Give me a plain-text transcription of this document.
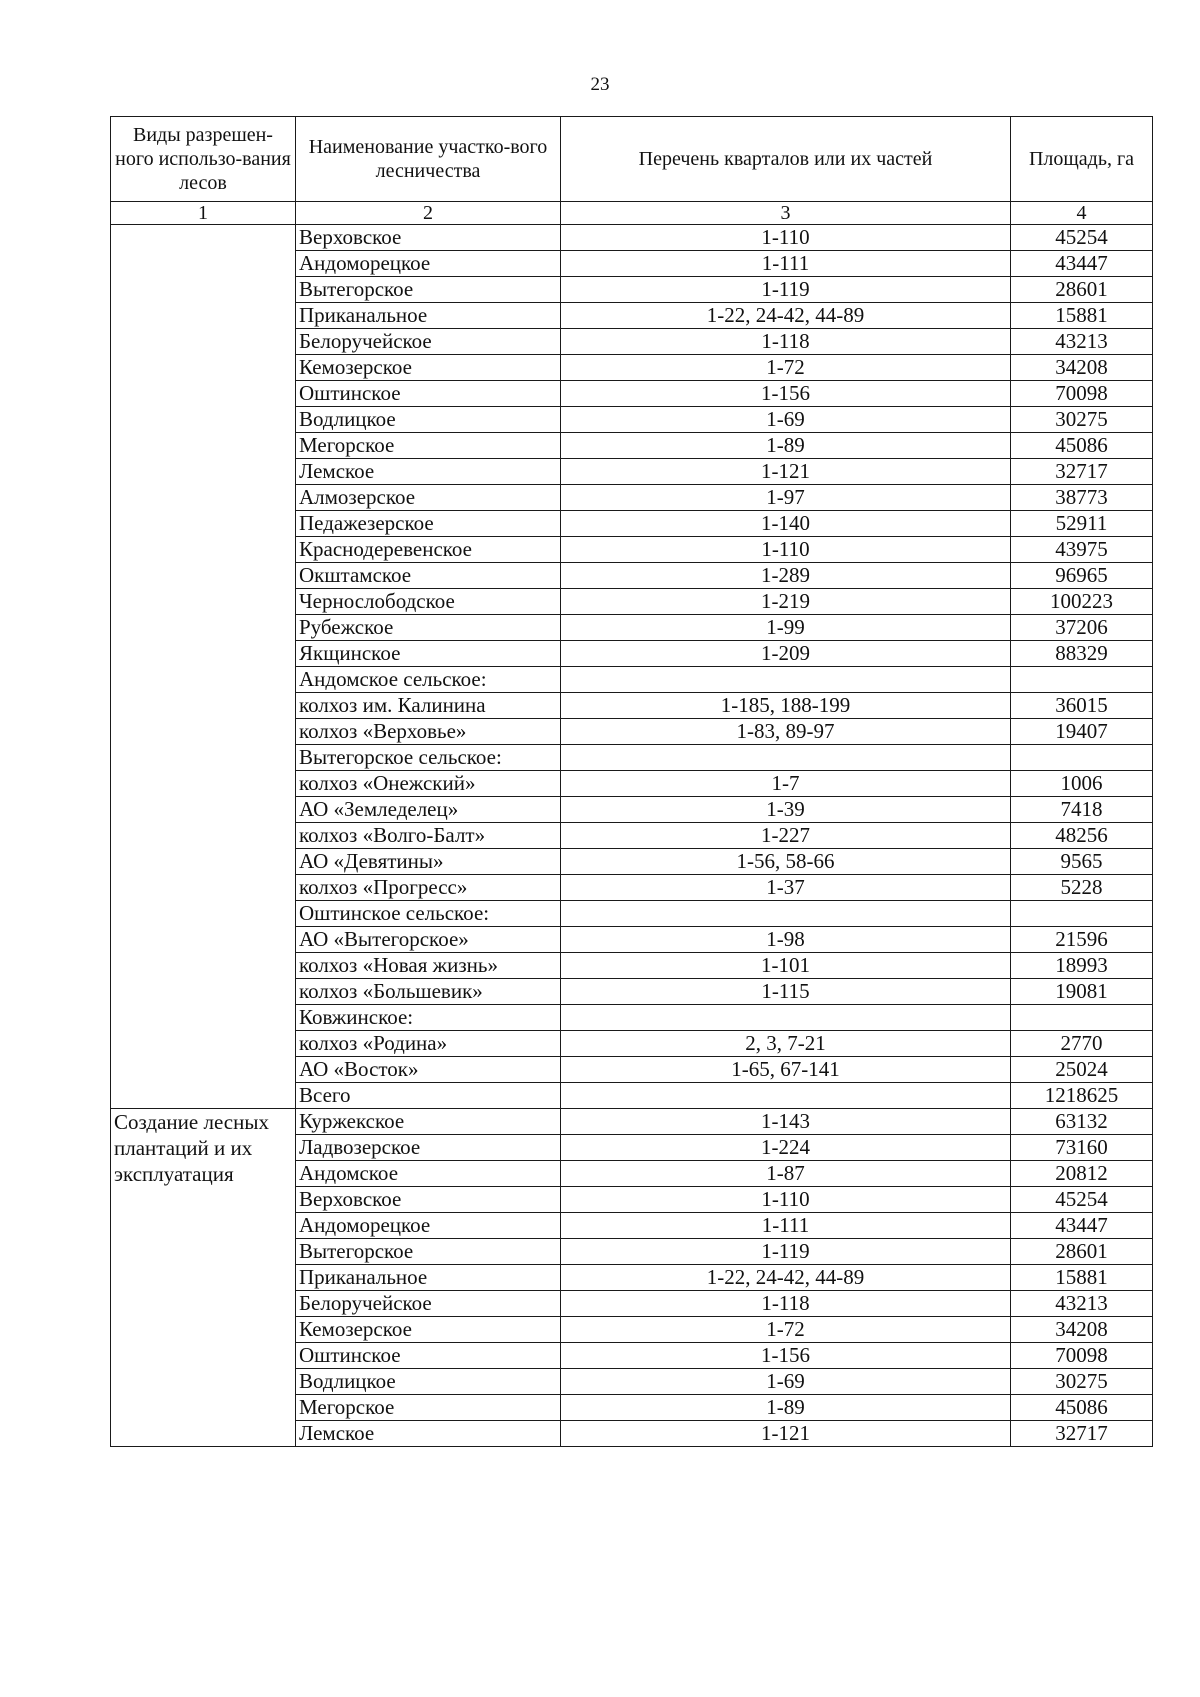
23
Виды разрешен-ного использо-вания лесов	Наименование участко-вого лесничества	Перечень кварталов или их частей	Площадь, га
1	2	3	4
	Верховское	1-110	45254
	Андоморецкое	1-111	43447
	Вытегорское	1-119	28601
	Приканальное	1-22, 24-42, 44-89	15881
	Белоручейское	1-118	43213
	Кемозерское	1-72	34208
	Оштинское	1-156	70098
	Водлицкое	1-69	30275
	Мегорское	1-89	45086
	Лемское	1-121	32717
	Алмозерское	1-97	38773
	Педажезерское	1-140	52911
	Краснодеревенское	1-110	43975
	Окштамское	1-289	96965
	Чернослободское	1-219	100223
	Рубежское	1-99	37206
	Якщинское	1-209	88329
	Андомское сельское:		
	колхоз им. Калинина	1-185, 188-199	36015
	колхоз «Верховье»	1-83, 89-97	19407
	Вытегорское сельское:		
	колхоз «Онежский»	1-7	1006
	АО «Земледелец»	1-39	7418
	колхоз «Волго-Балт»	1-227	48256
	АО «Девятины»	1-56, 58-66	9565
	колхоз «Прогресс»	1-37	5228
	Оштинское сельское:		
	АО «Вытегорское»	1-98	21596
	колхоз «Новая жизнь»	1-101	18993
	колхоз «Большевик»	1-115	19081
	Ковжинское:		
	колхоз «Родина»	2, 3, 7-21	2770
	АО «Восток»	1-65, 67-141	25024
	Всего		1218625
Создание лесных плантаций и их эксплуатация	Куржекское	1-143	63132
	Ладвозерское	1-224	73160
	Андомское	1-87	20812
	Верховское	1-110	45254
	Андоморецкое	1-111	43447
	Вытегорское	1-119	28601
	Приканальное	1-22, 24-42, 44-89	15881
	Белоручейское	1-118	43213
	Кемозерское	1-72	34208
	Оштинское	1-156	70098
	Водлицкое	1-69	30275
	Мегорское	1-89	45086
	Лемское	1-121	32717
